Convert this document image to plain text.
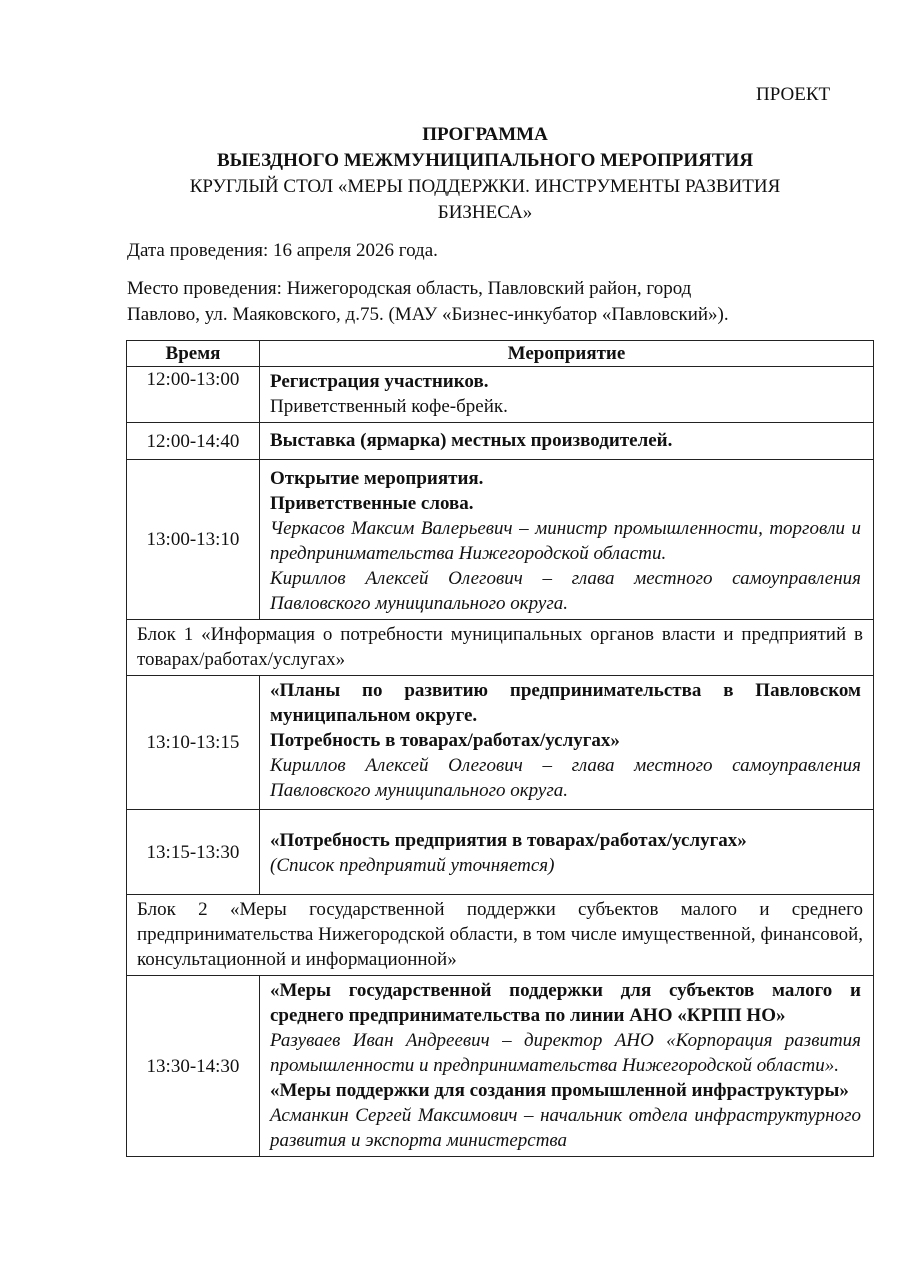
ПРОЕКТ
ПРОГРАММА
ВЫЕЗДНОГО МЕЖМУНИЦИПАЛЬНОГО МЕРОПРИЯТИЯ
КРУГЛЫЙ СТОЛ «МЕРЫ ПОДДЕРЖКИ. ИНСТРУМЕНТЫ РАЗВИТИЯ
БИЗНЕСА»
Дата проведения: 16 апреля 2026 года.
Место проведения: Нижегородская область, Павловский район, город
Павлово, ул. Маяковского, д.75. (МАУ «Бизнес-инкубатор «Павловский»).
Время	Мероприятие
12:00-13:00	Регистрация участников.
Приветственный кофе-брейк.

12:00-14:40	Выставка (ярмарка) местных производителей.

13:00-13:10	Открытие мероприятия.
Приветственные слова.
Черкасов Максим Валерьевич – министр промышленности, торговли и предпринимательства Нижегородской области.
Кириллов Алексей Олегович – глава местного самоуправления Павловского муниципального округа.

Блок 1 «Информация о потребности муниципальных органов власти и предприятий в товарах/работах/услугах»	
13:10-13:15	«Планы по развитию предпринимательства в Павловском муниципальном округе.
Потребность в товарах/работах/услугах»
Кириллов Алексей Олегович – глава местного самоуправления Павловского муниципального округа.

13:15-13:30	«Потребность предприятия в товарах/работах/услугах»
(Список предприятий уточняется)

Блок 2 «Меры государственной поддержки субъектов малого и среднего предпринимательства Нижегородской области, в том числе имущественной, финансовой, консультационной и информационной»	
13:30-14:30	«Меры государственной поддержки для субъектов малого и среднего предпринимательства по линии АНО «КРПП НО»
Разуваев Иван Андреевич – директор АНО «Корпорация развития промышленности и предпринимательства Нижегородской области».
«Меры поддержки для создания промышленной инфраструктуры»
Асманкин Сергей Максимович – начальник отдела инфраструктурного развития и экспорта министерства
